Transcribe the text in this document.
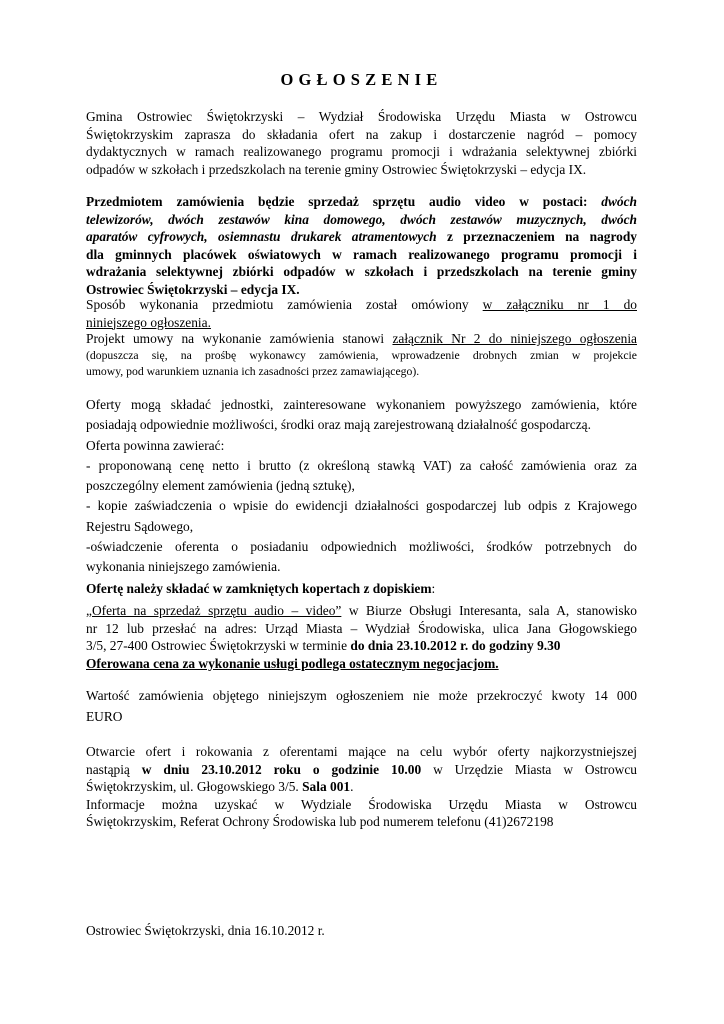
OGŁOSZENIE
Gmina Ostrowiec Świętokrzyski – Wydział Środowiska Urzędu Miasta w Ostrowcu
Świętokrzyskim zaprasza do składania ofert na zakup i dostarczenie nagród – pomocy
dydaktycznych w ramach realizowanego programu promocji i wdrażania selektywnej zbiórki
odpadów w szkołach i przedszkolach na terenie gminy Ostrowiec Świętokrzyski – edycja IX.
Przedmiotem zamówienia będzie sprzedaż sprzętu audio video w postaci: dwóch
telewizorów, dwóch zestawów kina domowego, dwóch zestawów muzycznych, dwóch
aparatów cyfrowych, osiemnastu drukarek atramentowych z przeznaczeniem na nagrody
dla gminnych placówek oświatowych w ramach realizowanego programu promocji i
wdrażania selektywnej zbiórki odpadów w szkołach i przedszkolach na terenie gminy
Ostrowiec Świętokrzyski – edycja IX.
Sposób wykonania przedmiotu zamówienia został omówiony w załączniku nr 1 do
niniejszego ogłoszenia.
Projekt umowy na wykonanie zamówienia stanowi załącznik Nr 2 do niniejszego ogłoszenia
(dopuszcza się, na prośbę wykonawcy zamówienia, wprowadzenie drobnych zmian w projekcie
umowy, pod warunkiem uznania ich zasadności przez zamawiającego).
Oferty mogą składać jednostki, zainteresowane wykonaniem powyższego zamówienia, które
posiadają odpowiednie możliwości, środki oraz mają zarejestrowaną działalność gospodarczą.
Oferta powinna zawierać:
- proponowaną cenę netto i brutto (z określoną stawką VAT) za całość zamówienia oraz za
poszczególny element zamówienia (jedną sztukę),
- kopie zaświadczenia o wpisie do ewidencji działalności gospodarczej lub odpis z Krajowego
Rejestru Sądowego,
-oświadczenie oferenta o posiadaniu odpowiednich możliwości, środków potrzebnych do
wykonania niniejszego zamówienia.
Ofertę należy składać w zamkniętych kopertach z dopiskiem:
„Oferta na sprzedaż sprzętu audio – video” w Biurze Obsługi Interesanta, sala A, stanowisko
nr 12 lub przesłać na adres: Urząd Miasta – Wydział Środowiska, ulica Jana Głogowskiego
3/5, 27-400 Ostrowiec Świętokrzyski w terminie do dnia 23.10.2012 r. do godziny 9.30
Oferowana cena za wykonanie usługi podlega ostatecznym negocjacjom.
Wartość zamówienia objętego niniejszym ogłoszeniem nie może przekroczyć kwoty 14 000
EURO
Otwarcie ofert i rokowania z oferentami mające na celu wybór oferty najkorzystniejszej
nastąpią w dniu 23.10.2012 roku o godzinie 10.00 w Urzędzie Miasta w Ostrowcu
Świętokrzyskim, ul. Głogowskiego 3/5. Sala 001.
Informacje można uzyskać w Wydziale Środowiska Urzędu Miasta w Ostrowcu
Świętokrzyskim, Referat Ochrony Środowiska lub pod numerem telefonu (41)2672198
Ostrowiec Świętokrzyski, dnia 16.10.2012 r.
